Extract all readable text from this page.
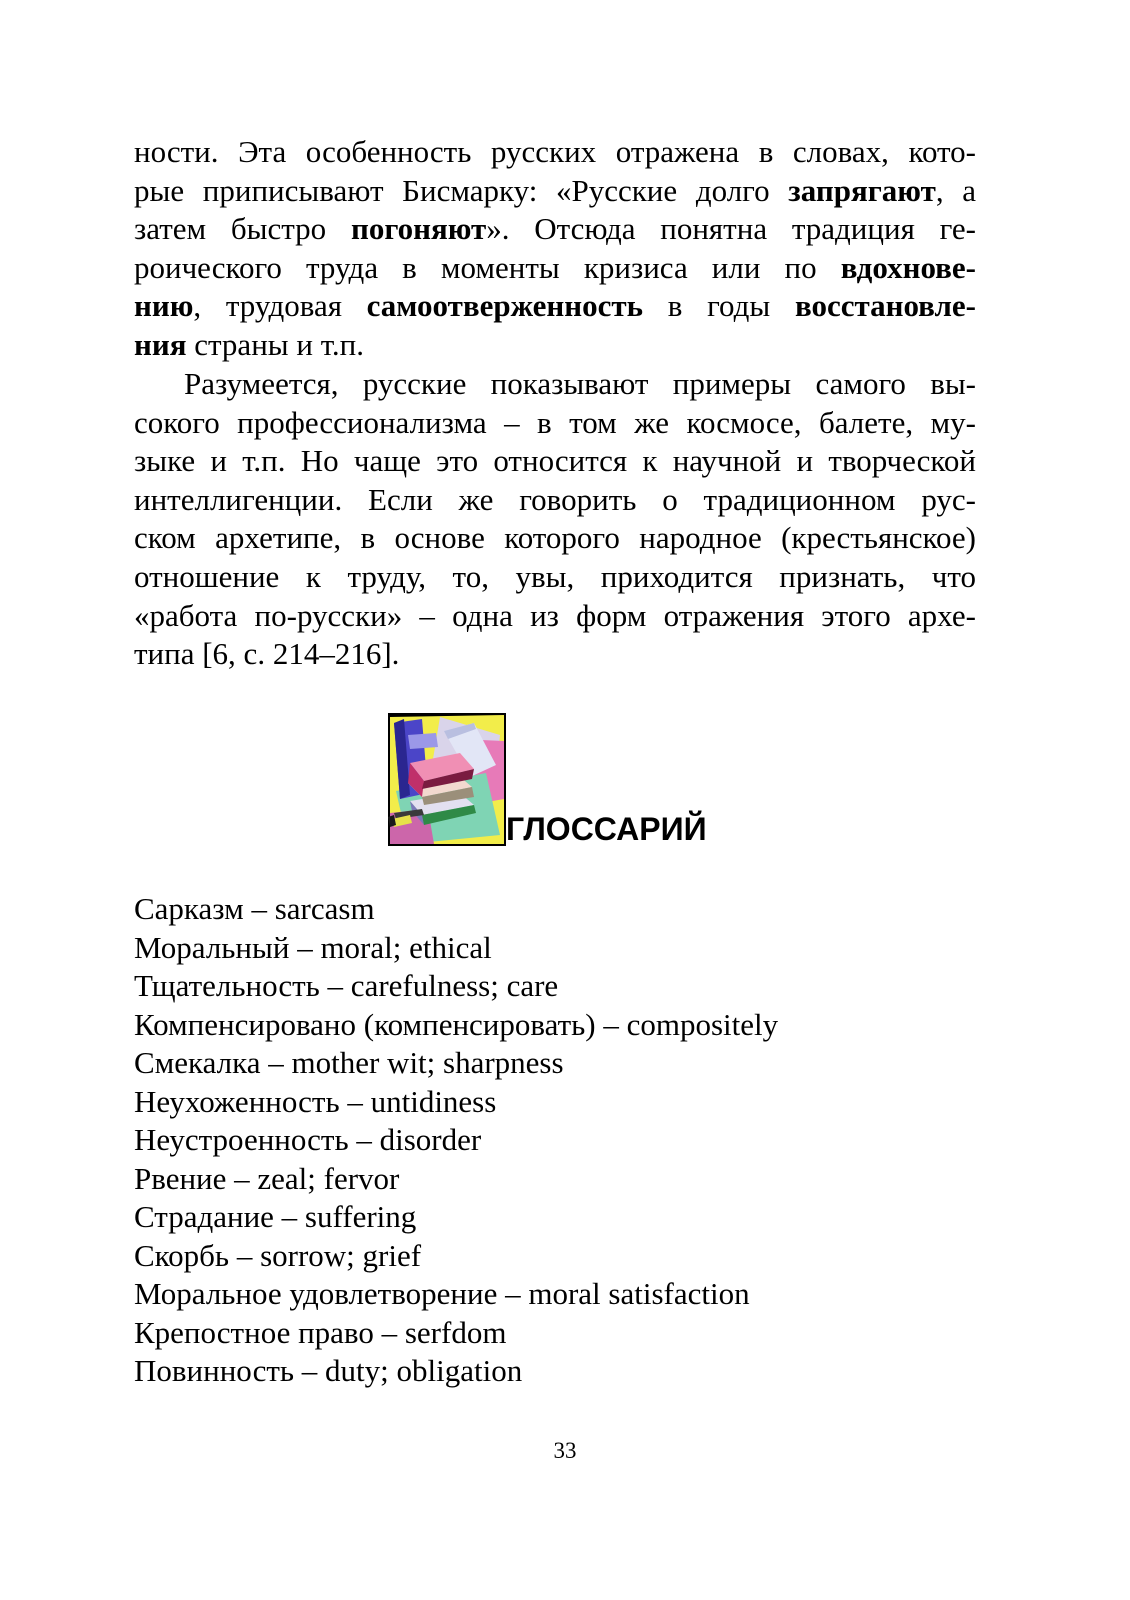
ности. Эта особенность русских отражена в словах, кото-
рые приписывают Бисмарку: «Русские долго запрягают, а
затем быстро погоняют». Отсюда понятна традиция ге-
роического труда в моменты кризиса или по вдохнове-
нию, трудовая самоотверженность в годы восстановле-
ния страны и т.п.
Разумеется, русские показывают примеры самого вы-
сокого профессионализма – в том же космосе, балете, му-
зыке и т.п. Но чаще это относится к научной и творческой
интеллигенции. Если же говорить о традиционном рус-
ском архетипе, в основе которого народное (крестьянское)
отношение к труду, то, увы, приходится признать, что
«работа по-русски» – одна из форм отражения этого архе-
типа [6, с. 214–216].
ГЛОССАРИЙ
Сарказм – sarcasm
Моральный – moral; ethical
Тщательность – carefulness; care
Компенсировано (компенсировать) – compositely
Смекалка – mother wit; sharpness
Неухоженность – untidiness
Неустроенность – disorder
Рвение – zeal; fervor
Страдание – suffering
Скорбь – sorrow; grief
Моральное удовлетворение – moral satisfaction
Крепостное право – serfdom
Повинность – duty; obligation
33
